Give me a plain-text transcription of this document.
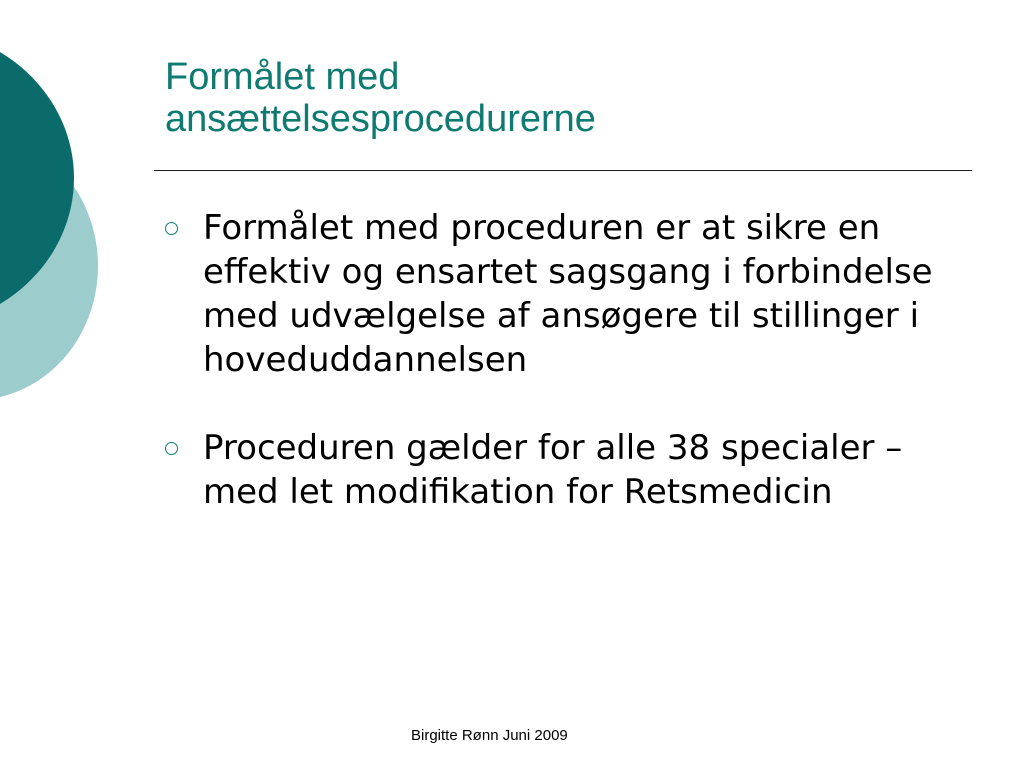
Formålet med
ansættelsesprocedurerne
Formålet med proceduren er at sikre en effektiv og ensartet sagsgang i forbindelse med udvælgelse af ansøgere til stillinger i hoveduddannelsen
Proceduren gælder for alle 38 specialer – med let modifikation for Retsmedicin
Birgitte Rønn Juni 2009
